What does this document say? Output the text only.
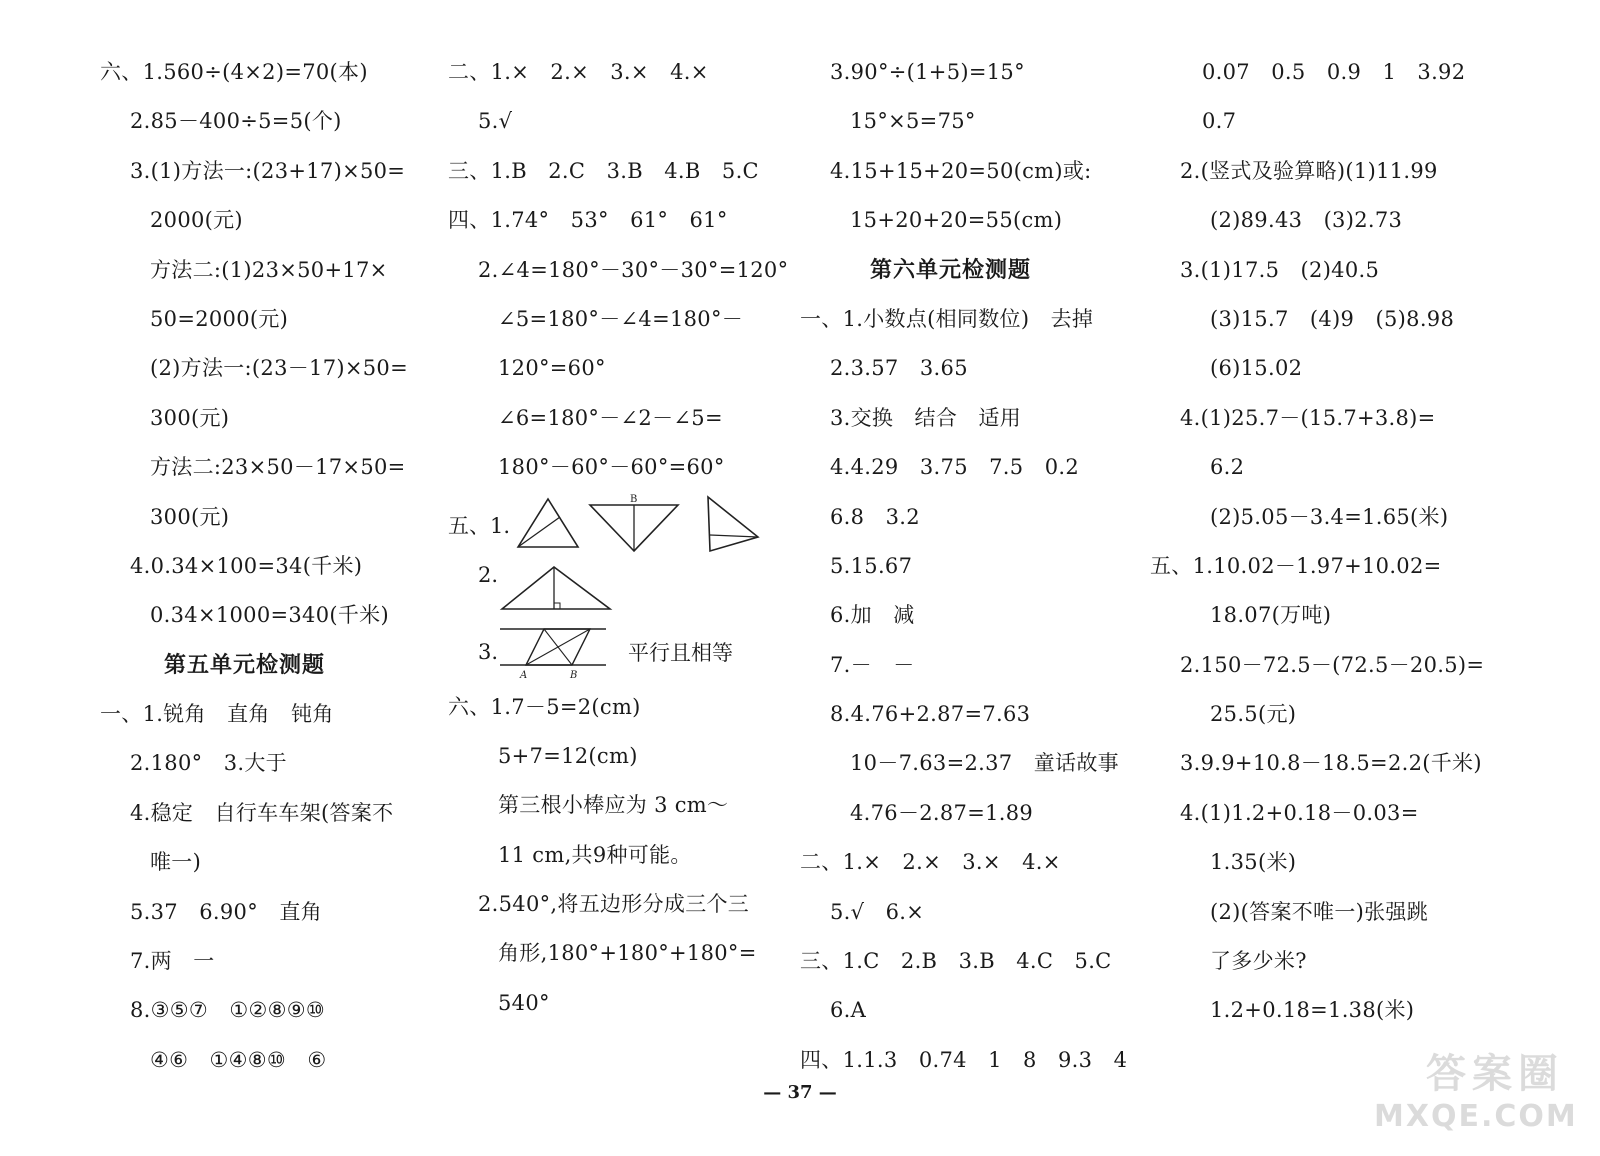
六、1.560÷(4×2)=70(本)
2.85－400÷5=5(个)
3.(1)方法一:(23+17)×50=
2000(元)
方法二:(1)23×50+17×
50=2000(元)
(2)方法一:(23－17)×50=
300(元)
方法二:23×50－17×50=
300(元)
4.0.34×100=34(千米)
0.34×1000=340(千米)
第五单元检测题
一、1.锐角　直角　钝角
2.180°　3.大于
4.稳定　自行车车架(答案不
唯一)
5.37　6.90°　直角
7.两　一
8.③⑤⑦　①②⑧⑨⑩
④⑥　①④⑧⑩　⑥
二、1.×　2.×　3.×　4.×
5.√
三、1.B　2.C　3.B　4.B　5.C
四、1.74°　53°　61°　61°
2.∠4=180°－30°－30°=120°
∠5=180°－∠4=180°－
120°=60°
∠6=180°－∠2－∠5=
180°－60°－60°=60°
五、1.
B
2.
3.
A	B
平行且相等
六、1.7－5=2(cm)
5+7=12(cm)
第三根小棒应为 3 cm～
11 cm,共9种可能。
2.540°,将五边形分成三个三
角形,180°+180°+180°=
540°
3.90°÷(1+5)=15°
15°×5=75°
4.15+15+20=50(cm)或:
15+20+20=55(cm)
第六单元检测题
一、1.小数点(相同数位)　去掉
2.3.57　3.65
3.交换　结合　适用
4.4.29　3.75　7.5　0.2
6.8　3.2
5.15.67
6.加　减
7.－　－
8.4.76+2.87=7.63
10－7.63=2.37　童话故事
4.76－2.87=1.89
二、1.×　2.×　3.×　4.×
5.√　6.×
三、1.C　2.B　3.B　4.C　5.C
6.A
四、1.1.3　0.74　1　8　9.3　4
0.07　0.5　0.9　1　3.92
0.7
2.(竖式及验算略)(1)11.99
(2)89.43　(3)2.73
3.(1)17.5　(2)40.5
(3)15.7　(4)9　(5)8.98
(6)15.02
4.(1)25.7－(15.7+3.8)=
6.2
(2)5.05－3.4=1.65(米)
五、1.10.02－1.97+10.02=
18.07(万吨)
2.150－72.5－(72.5－20.5)=
25.5(元)
3.9.9+10.8－18.5=2.2(千米)
4.(1)1.2+0.18－0.03=
1.35(米)
(2)(答案不唯一)张强跳
了多少米?
1.2+0.18=1.38(米)
— 37 —	答案圈
MXQE.COM
